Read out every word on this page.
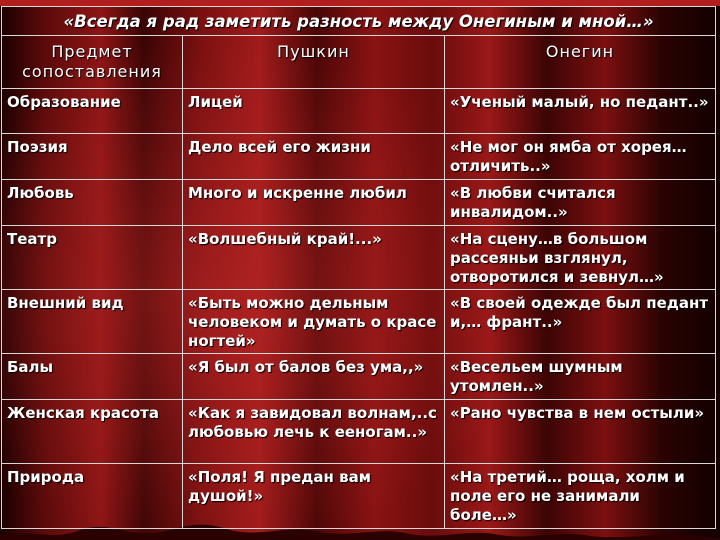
«Всегда я рад заметить разность между Онегиным и мной…»		
Предмет сопоставления	Пушкин	Онегин
Образование	Лицей	«Ученый малый, но педант..»
Поэзия	Дело всей его жизни	«Не мог он ямба от хорея…отличить..»
Любовь	Много и искренне любил	«В любви считался инвалидом..»
Театр	«Волшебный край!...»	«На сцену…в большом рассеяньи взглянул, отворотился и зевнул…»
Внешний вид	«Быть можно дельным человеком и думать о красе ногтей»	«В своей одежде был педант и,… франт..»
Балы	«Я был от балов без ума,,»	«Весельем шумным утомлен..»
Женская красота	«Как я завидовал волнам,..с любовью лечь к ееногам..»	«Рано чувства в нем остыли»
Природа	«Поля! Я предан вам душой!»	«На третий… роща, холм и поле его не занимали боле…»
